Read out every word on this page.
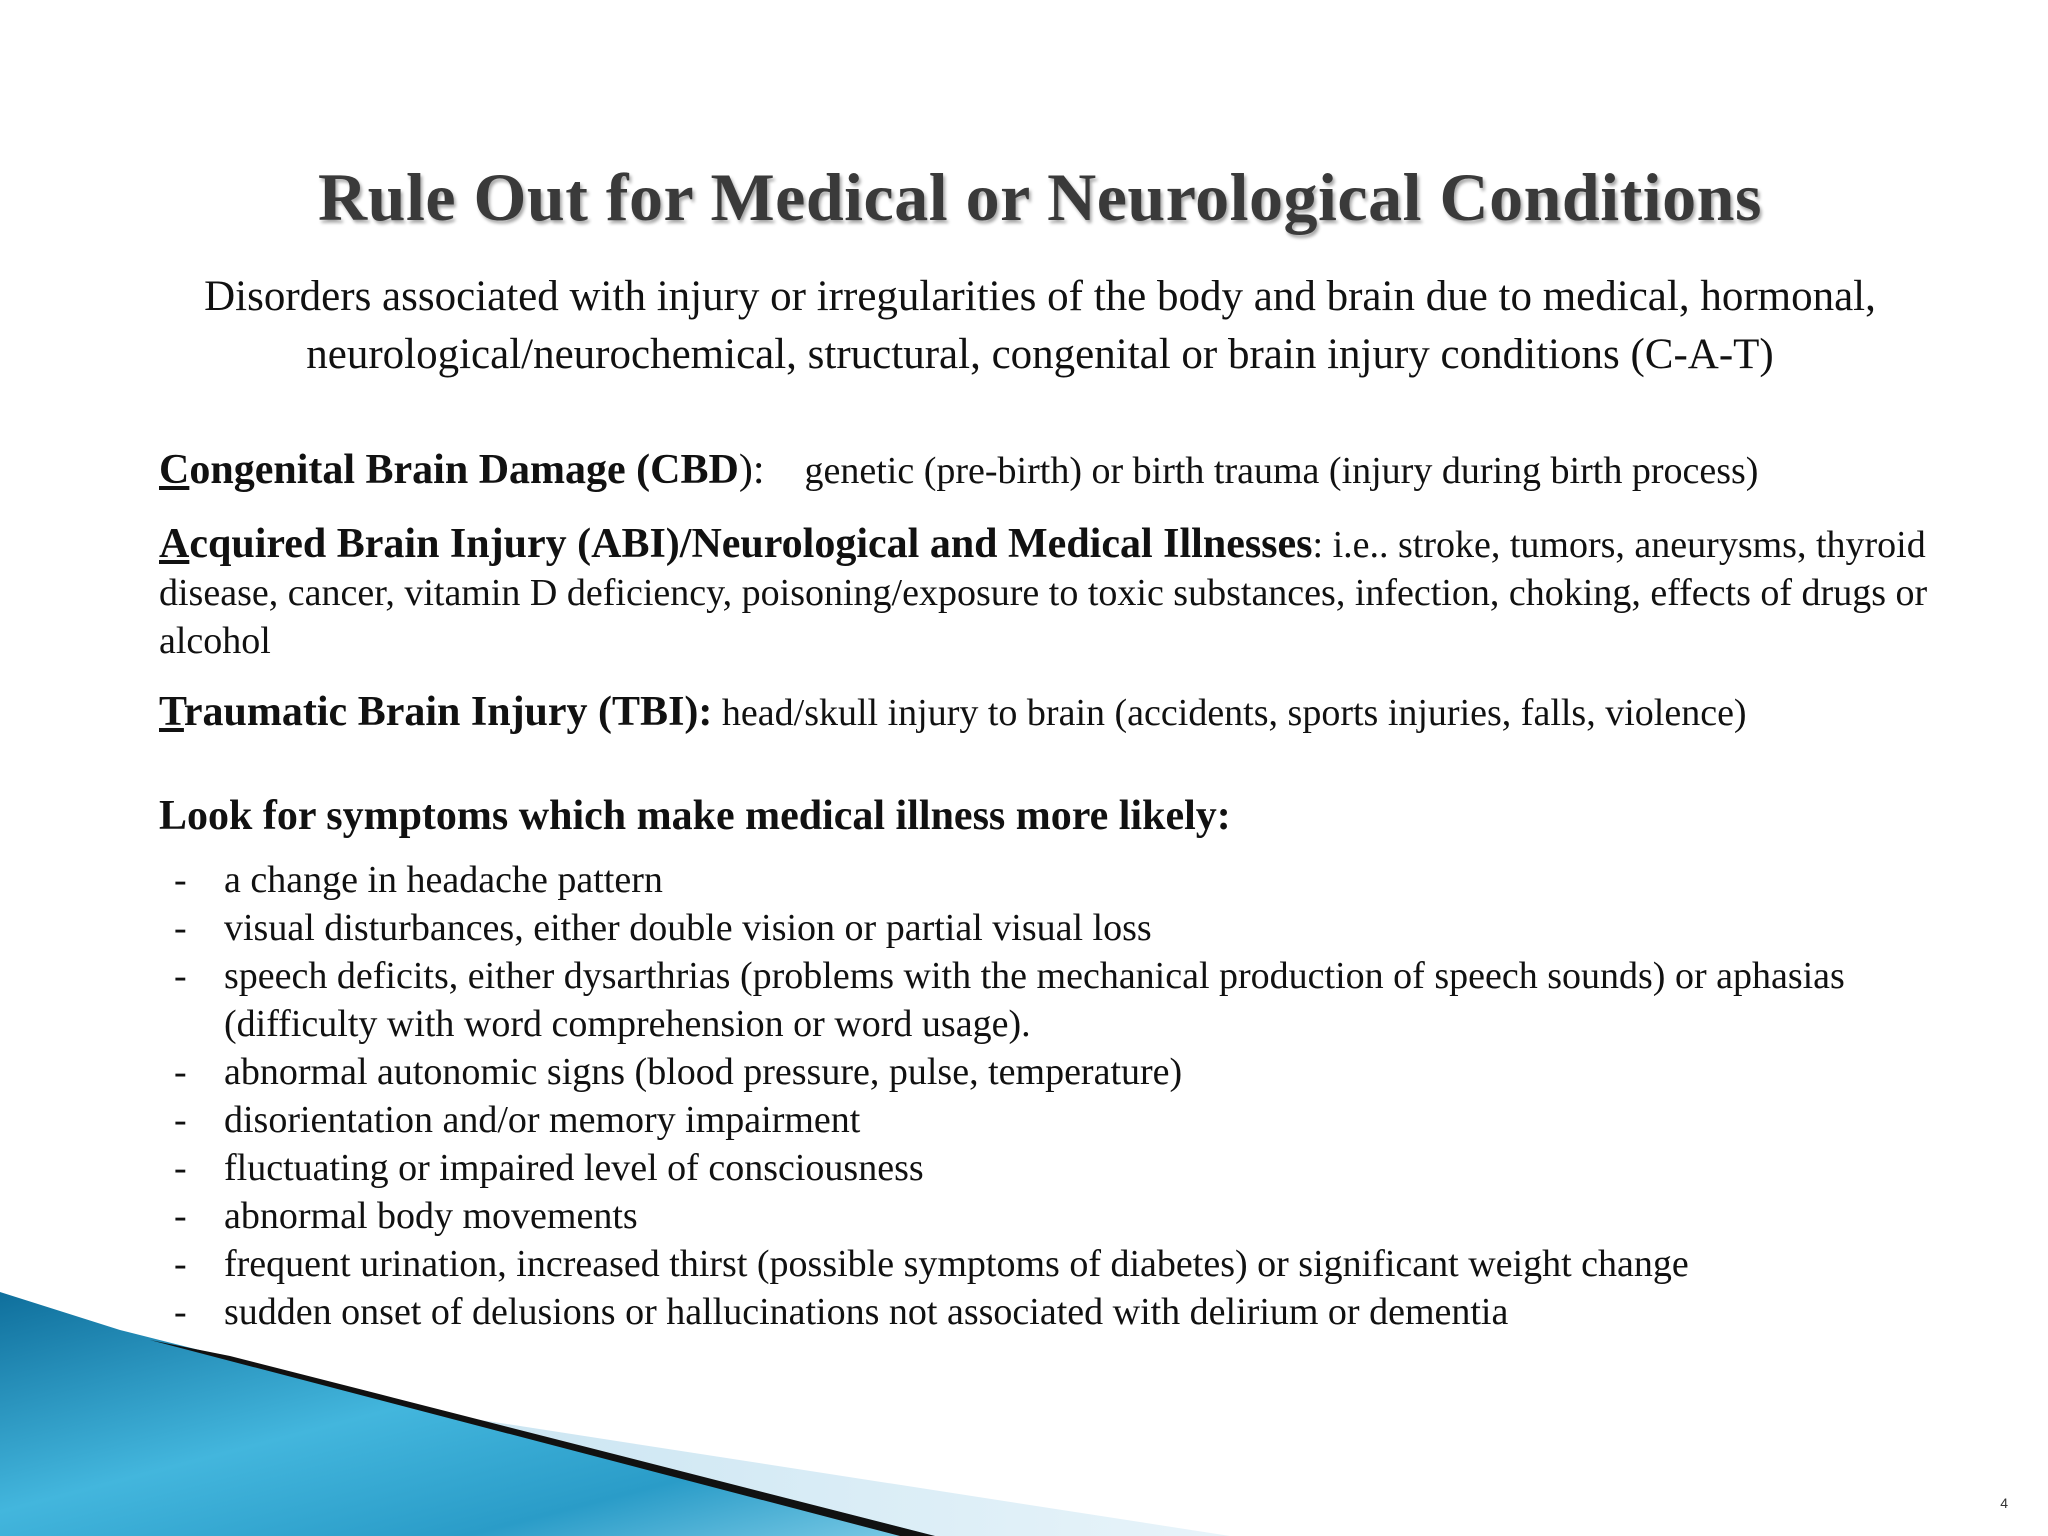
Rule Out for Medical or Neurological Conditions
Disorders associated with injury or irregularities of the body and brain due to medical, hormonal, neurological/neurochemical, structural, congenital or brain injury conditions (C-A-T)
Congenital Brain Damage (CBD): genetic (pre-birth) or birth trauma (injury during birth process)
Acquired Brain Injury (ABI)/Neurological and Medical Illnesses: i.e.. stroke, tumors, aneurysms, thyroid disease, cancer, vitamin D deficiency, poisoning/exposure to toxic substances, infection, choking, effects of drugs or alcohol
Traumatic Brain Injury (TBI): head/skull injury to brain (accidents, sports injuries, falls, violence)
Look for symptoms which make medical illness more likely:
- a change in headache pattern
- visual disturbances, either double vision or partial visual loss
- speech deficits, either dysarthrias (problems with the mechanical production of speech sounds) or aphasias (difficulty with word comprehension or word usage).
- abnormal autonomic signs (blood pressure, pulse, temperature)
- disorientation and/or memory impairment
- fluctuating or impaired level of consciousness
- abnormal body movements
- frequent urination, increased thirst (possible symptoms of diabetes) or significant weight change
- sudden onset of delusions or hallucinations not associated with delirium or dementia
4
